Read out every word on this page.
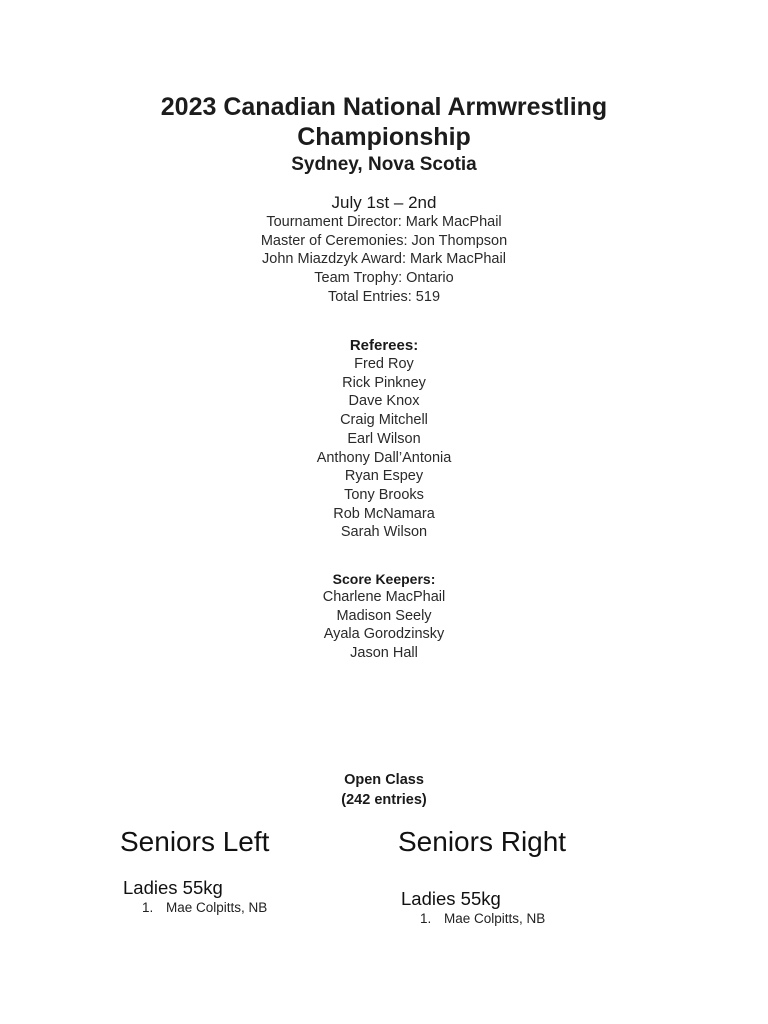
2023 Canadian National Armwrestling
Championship
Sydney, Nova Scotia
July 1st – 2nd
Tournament Director: Mark MacPhail
Master of Ceremonies: Jon Thompson
John Miazdzyk Award: Mark MacPhail
Team Trophy: Ontario
Total Entries: 519
Referees:
Fred Roy
Rick Pinkney
Dave Knox
Craig Mitchell
Earl Wilson
Anthony Dall’Antonia
Ryan Espey
Tony Brooks
Rob McNamara
Sarah Wilson
Score Keepers:
Charlene MacPhail
Madison Seely
Ayala Gorodzinsky
Jason Hall
Open Class
(242 entries)
Seniors Left
Ladies 55kg
1. Mae Colpitts, NB
Seniors Right
Ladies 55kg
1. Mae Colpitts, NB
